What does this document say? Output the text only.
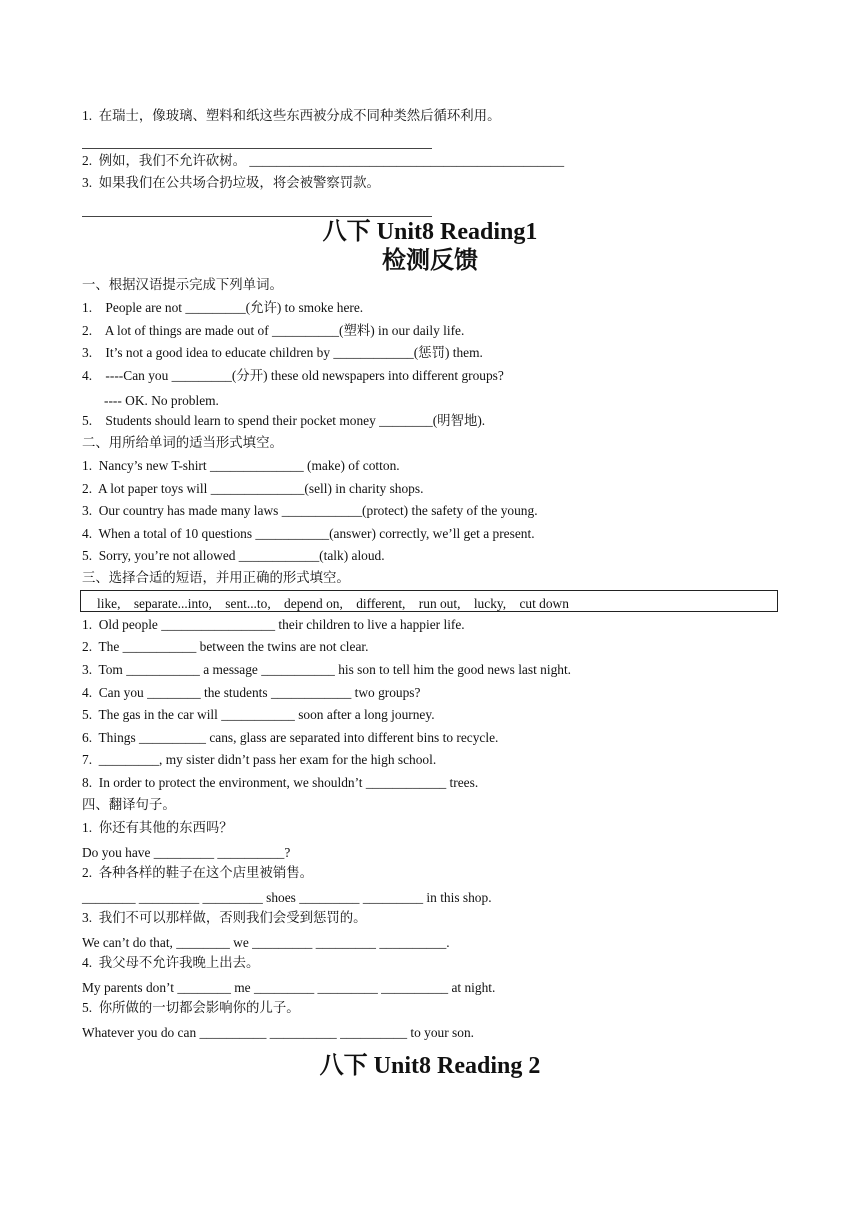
1.  在瑞士，像玻璃、塑料和纸这些东西被分成不同种类然后循环利用。
2.  例如，我们不允许砍树。 _______________________________________________
3.  如果我们在公共场合扔垃圾，将会被警察罚款。
八下 Unit8 Reading1
检测反馈
一、根据汉语提示完成下列单词。
1.    People are not _________(允许) to smoke here.
2.    A lot of things are made out of __________(塑料) in our daily life.
3.    It’s not a good idea to educate children by ____________(惩罚) them.
4.    ----Can you _________(分开) these old newspapers into different groups?
---- OK. No problem.
5.    Students should learn to spend their pocket money ________(明智地).
二、用所给单词的适当形式填空。
1.  Nancy’s new T-shirt ______________ (make) of cotton.
2.  A lot paper toys will ______________(sell) in charity shops.
3.  Our country has made many laws ____________(protect) the safety of the young.
4.  When a total of 10 questions ___________(answer) correctly, we’ll get a present.
5.  Sorry, you’re not allowed ____________(talk) aloud.
三、选择合适的短语，并用正确的形式填空。
like,    separate...into,    sent...to,    depend on,    different,    run out,    lucky,    cut down
1.  Old people _________________ their children to live a happier life.
2.  The ___________ between the twins are not clear.
3.  Tom ___________ a message ___________ his son to tell him the good news last night.
4.  Can you ________ the students ____________ two groups?
5.  The gas in the car will ___________ soon after a long journey.
6.  Things __________ cans, glass are separated into different bins to recycle.
7.  _________, my sister didn’t pass her exam for the high school.
8.  In order to protect the environment, we shouldn’t ____________ trees.
四、翻译句子。
1.  你还有其他的东西吗？
Do you have _________ __________?
2.  各种各样的鞋子在这个店里被销售。
________ _________ _________ shoes _________ _________ in this shop.
3.  我们不可以那样做，否则我们会受到惩罚的。
We can’t do that, ________ we _________ _________ __________.
4.  我父母不允许我晚上出去。
My parents don’t ________ me _________ _________ __________ at night.
5.  你所做的一切都会影响你的儿子。
Whatever you do can __________ __________ __________ to your son.
八下 Unit8 Reading 2
